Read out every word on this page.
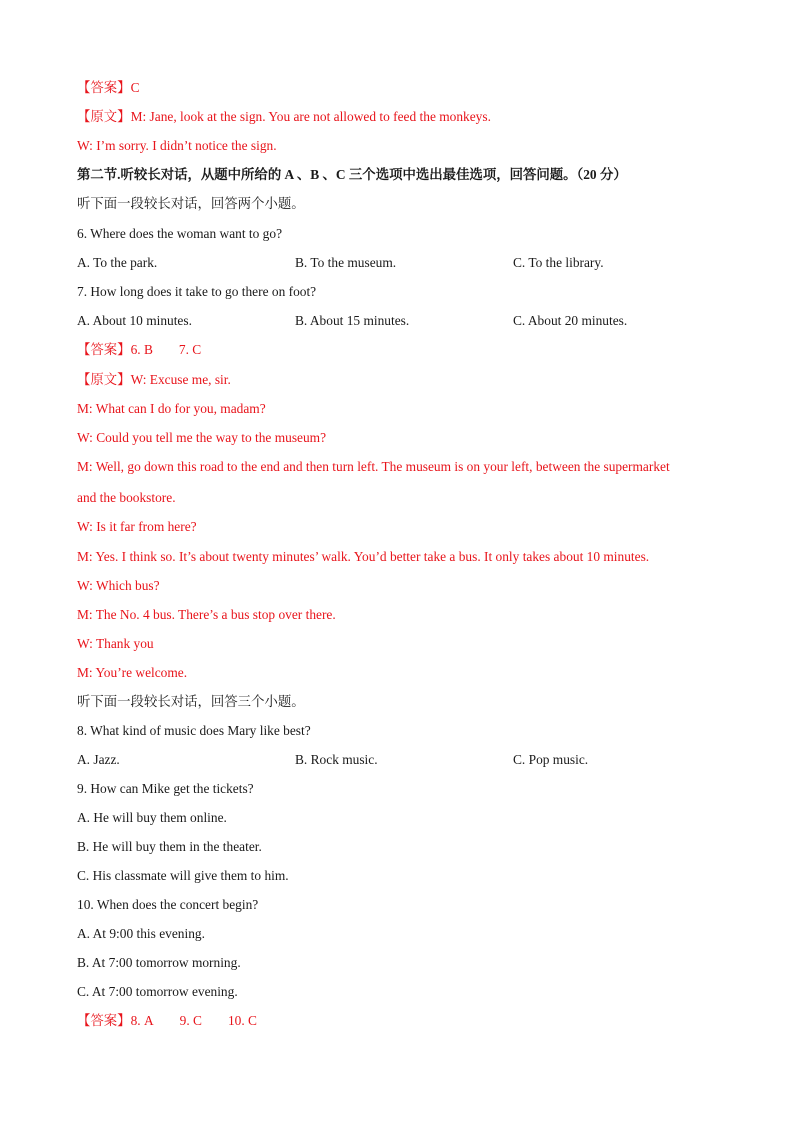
【答案】C
【原文】M: Jane, look at the sign. You are not allowed to feed the monkeys.
W: I’m sorry. I didn’t notice the sign.
第二节.听较长对话，从题中所给的 A 、B 、C 三个选项中选出最佳选项，回答问题。（20 分）
听下面一段较长对话，回答两个小题。
6. Where does the woman want to go?
A. To the park.	B. To the museum.	C. To the library.
7. How long does it take to go there on foot?
A. About 10 minutes.	B. About 15 minutes.	C. About 20 minutes.
【答案】6. B 7. C
【原文】W: Excuse me, sir.
M: What can I do for you, madam?
W: Could you tell me the way to the museum?
M: Well, go down this road to the end and then turn left. The museum is on your left, between the supermarket
and the bookstore.
W: Is it far from here?
M: Yes. I think so. It’s about twenty minutes’ walk. You’d better take a bus. It only takes about 10 minutes.
W: Which bus?
M: The No. 4 bus. There’s a bus stop over there.
W: Thank you
M: You’re welcome.
听下面一段较长对话，回答三个小题。
8. What kind of music does Mary like best?
A. Jazz.	B. Rock music.	C. Pop music.
9. How can Mike get the tickets?
A. He will buy them online.
B. He will buy them in the theater.
C. His classmate will give them to him.
10. When does the concert begin?
A. At 9:00 this evening.
B. At 7:00 tomorrow morning.
C. At 7:00 tomorrow evening.
【答案】8. A 9. C 10. C
